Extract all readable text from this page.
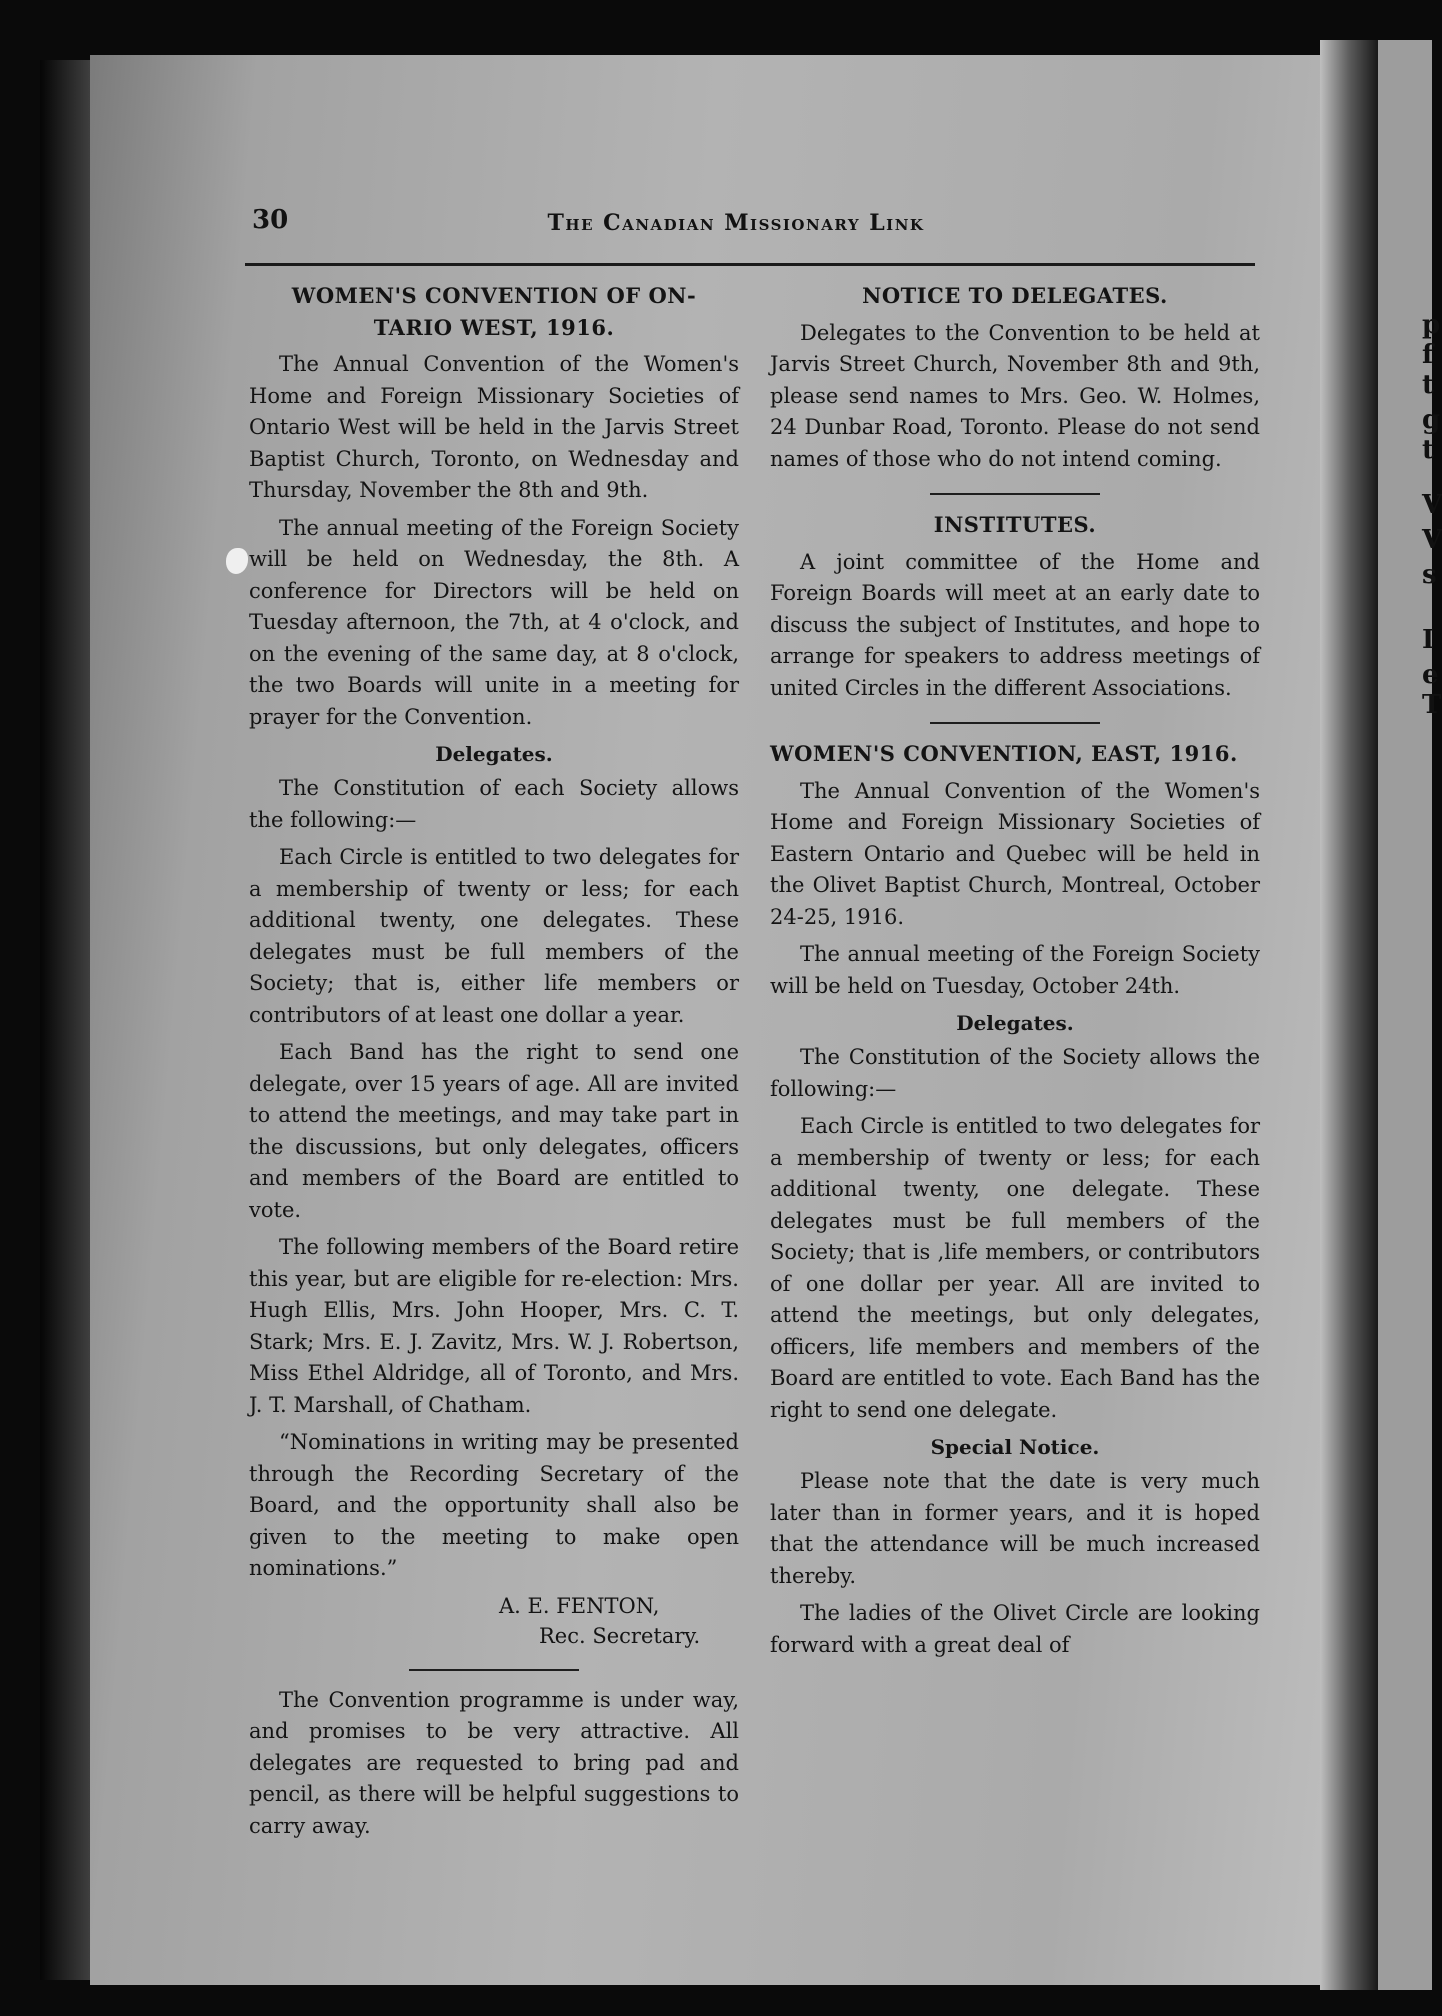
p
f
t
g
t
V
V
s
I
e
T
30	The Canadian Missionary Link
WOMEN'S CONVENTION OF ON- TARIO WEST, 1916.

The Annual Convention of the Women's Home and Foreign Missionary Societies of Ontario West will be held in the Jarvis Street Baptist Church, Toronto, on Wednesday and Thursday, November the 8th and 9th.

The annual meeting of the Foreign Society will be held on Wednesday, the 8th. A conference for Directors will be held on Tuesday afternoon, the 7th, at 4 o'clock, and on the evening of the same day, at 8 o'clock, the two Boards will unite in a meeting for prayer for the Convention.

Delegates.

The Constitution of each Society allows the following:—

Each Circle is entitled to two delegates for a membership of twenty or less; for each additional twenty, one delegates. These delegates must be full members of the Society; that is, either life members or contributors of at least one dollar a year.

Each Band has the right to send one delegate, over 15 years of age. All are invited to attend the meetings, and may take part in the discussions, but only delegates, officers and members of the Board are entitled to vote.

The following members of the Board retire this year, but are eligible for re-election: Mrs. Hugh Ellis, Mrs. John Hooper, Mrs. C. T. Stark; Mrs. E. J. Zavitz, Mrs. W. J. Robertson, Miss Ethel Aldridge, all of Toronto, and Mrs. J. T. Marshall, of Chatham.

“Nominations in writing may be presented through the Recording Secretary of the Board, and the opportunity shall also be given to the meeting to make open nominations.”

A. E. FENTON,
Rec. Secretary.

The Convention programme is under way, and promises to be very attractive. All delegates are requested to bring pad and pencil, as there will be helpful suggestions to carry away.

NOTICE TO DELEGATES.

Delegates to the Convention to be held at Jarvis Street Church, November 8th and 9th, please send names to Mrs. Geo. W. Holmes, 24 Dunbar Road, Toronto. Please do not send names of those who do not intend coming.

INSTITUTES.

A joint committee of the Home and Foreign Boards will meet at an early date to discuss the subject of Institutes, and hope to arrange for speakers to address meetings of united Circles in the different Associations.

WOMEN'S CONVENTION, EAST, 1916.

The Annual Convention of the Women's Home and Foreign Missionary Societies of Eastern Ontario and Quebec will be held in the Olivet Baptist Church, Montreal, October 24-25, 1916.

The annual meeting of the Foreign Society will be held on Tuesday, October 24th.

Delegates.

The Constitution of the Society allows the following:—

Each Circle is entitled to two delegates for a membership of twenty or less; for each additional twenty, one delegate. These delegates must be full members of the Society; that is ,life members, or contributors of one dollar per year. All are invited to attend the meetings, but only delegates, officers, life members and members of the Board are entitled to vote. Each Band has the right to send one delegate.

Special Notice.

Please note that the date is very much later than in former years, and it is hoped that the attendance will be much increased thereby.

The ladies of the Olivet Circle are looking forward with a great deal of
